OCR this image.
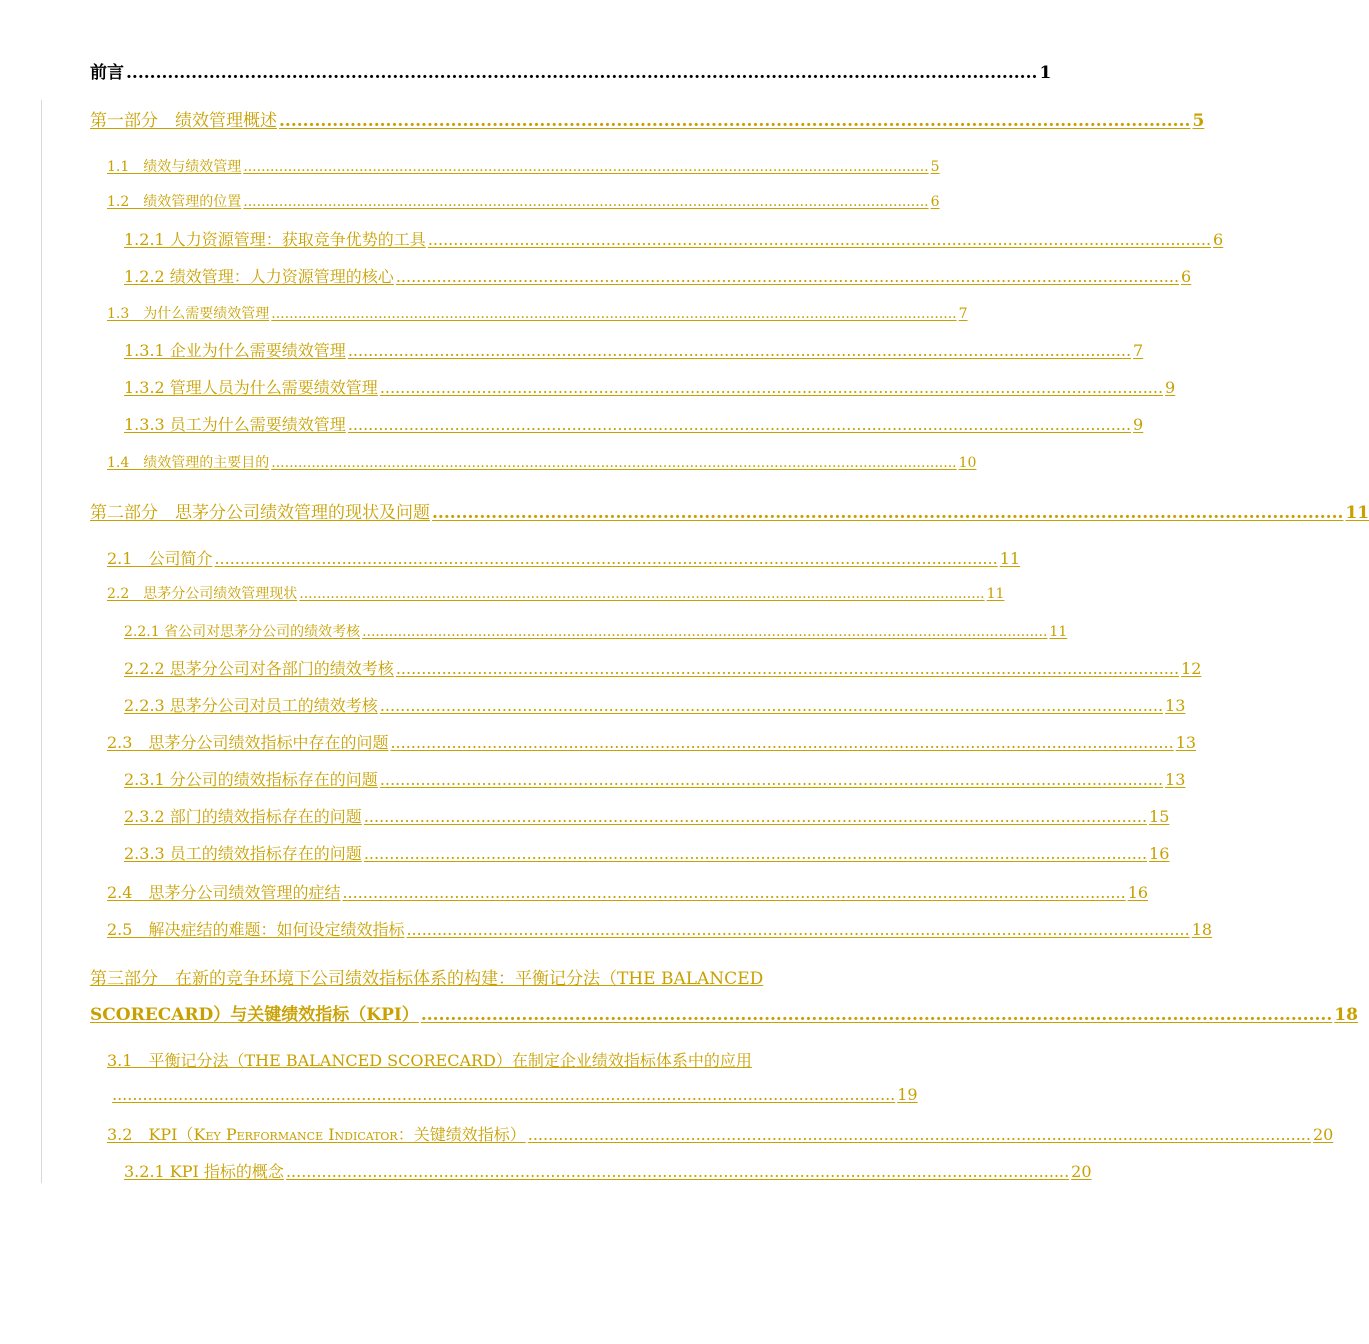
前言 .......................................................................................................................................................... 1
第一部分　绩效管理概述 .......................................................................................................................................................... 5
1.1　绩效与绩效管理 .......................................................................................................................................................... 5
1.2　绩效管理的位置 .......................................................................................................................................................... 6
1.2.1 人力资源管理：获取竞争优势的工具 .......................................................................................................................................................... 6
1.2.2 绩效管理：人力资源管理的核心 .......................................................................................................................................................... 6
1.3　为什么需要绩效管理 .......................................................................................................................................................... 7
1.3.1 企业为什么需要绩效管理 .......................................................................................................................................................... 7
1.3.2 管理人员为什么需要绩效管理 .......................................................................................................................................................... 9
1.3.3 员工为什么需要绩效管理 .......................................................................................................................................................... 9
1.4　绩效管理的主要目的 .......................................................................................................................................................... 10
第二部分　思茅分公司绩效管理的现状及问题 .......................................................................................................................................................... 11
2.1　公司简介 .......................................................................................................................................................... 11
2.2　思茅分公司绩效管理现状 .......................................................................................................................................................... 11
2.2.1 省公司对思茅分公司的绩效考核 .......................................................................................................................................................... 11
2.2.2 思茅分公司对各部门的绩效考核 .......................................................................................................................................................... 12
2.2.3 思茅分公司对员工的绩效考核 .......................................................................................................................................................... 13
2.3　思茅分公司绩效指标中存在的问题 .......................................................................................................................................................... 13
2.3.1 分公司的绩效指标存在的问题 .......................................................................................................................................................... 13
2.3.2 部门的绩效指标存在的问题 .......................................................................................................................................................... 15
2.3.3 员工的绩效指标存在的问题 .......................................................................................................................................................... 16
2.4　思茅分公司绩效管理的症结 .......................................................................................................................................................... 16
2.5　解决症结的难题：如何设定绩效指标 .......................................................................................................................................................... 18
第三部分　在新的竞争环境下公司绩效指标体系的构建：平衡记分法（THE BALANCED
SCORECARD）与关键绩效指标（KPI） .......................................................................................................................................................... 18
3.1　平衡记分法（THE BALANCED SCORECARD）在制定企业绩效指标体系中的应用
.......................................................................................................................................................... 19
3.2　KPI（Key Performance Indicator：关键绩效指标） .......................................................................................................................................................... 20
3.2.1 KPI 指标的概念 .......................................................................................................................................................... 20
